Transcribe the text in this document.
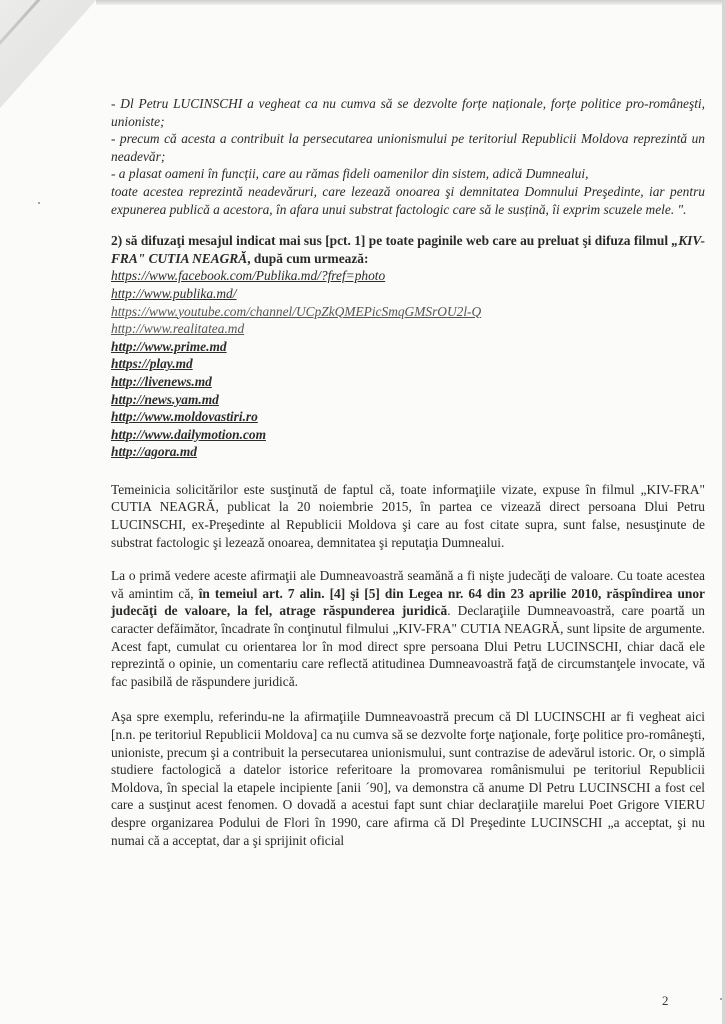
- Dl Petru LUCINSCHI a vegheat ca nu cumva să se dezvolte forțe naționale, forțe politice pro-româneşti, unioniste;

- precum că acesta a contribuit la persecutarea unionismului pe teritoriul Republicii Moldova reprezintă un neadevăr;

- a plasat oameni în funcții, care au rămas fideli oamenilor din sistem, adică Dumnealui,

toate acestea reprezintă neadevăruri, care lezează onoarea şi demnitatea Domnului Preşedinte, iar pentru expunerea publică a acestora, în afara unui substrat factologic care să le susțină, îi exprim scuzele mele. ".

2) să difuzaţi mesajul indicat mai sus [pct. 1] pe toate paginile web care au preluat şi difuza filmul „KIV-FRA" CUTIA NEAGRĂ, după cum urmează:

https://www.facebook.com/Publika.md/?fref=photo
http://www.publika.md/
https://www.youtube.com/channel/UCpZkQMEPicSmqGMSrOU2l-Q
http://www.realitatea.md
http://www.prime.md
https://play.md
http://livenews.md
http://news.yam.md
http://www.moldovastiri.ro
http://www.dailymotion.com
http://agora.md

Temeinicia solicitărilor este susţinută de faptul că, toate informaţiile vizate, expuse în filmul „KIV-FRA" CUTIA NEAGRĂ, publicat la 20 noiembrie 2015, în partea ce vizează direct persoana Dlui Petru LUCINSCHI, ex-Preşedinte al Republicii Moldova şi care au fost citate supra, sunt false, nesusţinute de substrat factologic şi lezează onoarea, demnitatea şi reputaţia Dumnealui.

La o primă vedere aceste afirmaţii ale Dumneavoastră seamănă a fi nişte judecăţi de valoare. Cu toate acestea vă amintim că, în temeiul art. 7 alin. [4] şi [5] din Legea nr. 64 din 23 aprilie 2010, răspîndirea unor judecăţi de valoare, la fel, atrage răspunderea juridică. Declaraţiile Dumneavoastră, care poartă un caracter defăimător, încadrate în conţinutul filmului „KIV-FRA" CUTIA NEAGRĂ, sunt lipsite de argumente. Acest fapt, cumulat cu orientarea lor în mod direct spre persoana Dlui Petru LUCINSCHI, chiar dacă ele reprezintă o opinie, un comentariu care reflectă atitudinea Dumneavoastră faţă de circumstanţele invocate, vă fac pasibilă de răspundere juridică.

Aşa spre exemplu, referindu-ne la afirmaţiile Dumneavoastră precum că Dl LUCINSCHI ar fi vegheat aici [n.n. pe teritoriul Republicii Moldova] ca nu cumva să se dezvolte forţe naţionale, forţe politice pro-româneşti, unioniste, precum şi a contribuit la persecutarea unionismului, sunt contrazise de adevărul istoric. Or, o simplă studiere factologică a datelor istorice referitoare la promovarea românismului pe teritoriul Republicii Moldova, în special la etapele incipiente [anii ´90], va demonstra că anume Dl Petru LUCINSCHI a fost cel care a susţinut acest fenomen. O dovadă a acestui fapt sunt chiar declaraţiile marelui Poet Grigore VIERU despre organizarea Podului de Flori în 1990, care afirma că Dl Preşedinte LUCINSCHI „a acceptat, şi nu numai că a acceptat, dar a şi sprijinit oficial

2
